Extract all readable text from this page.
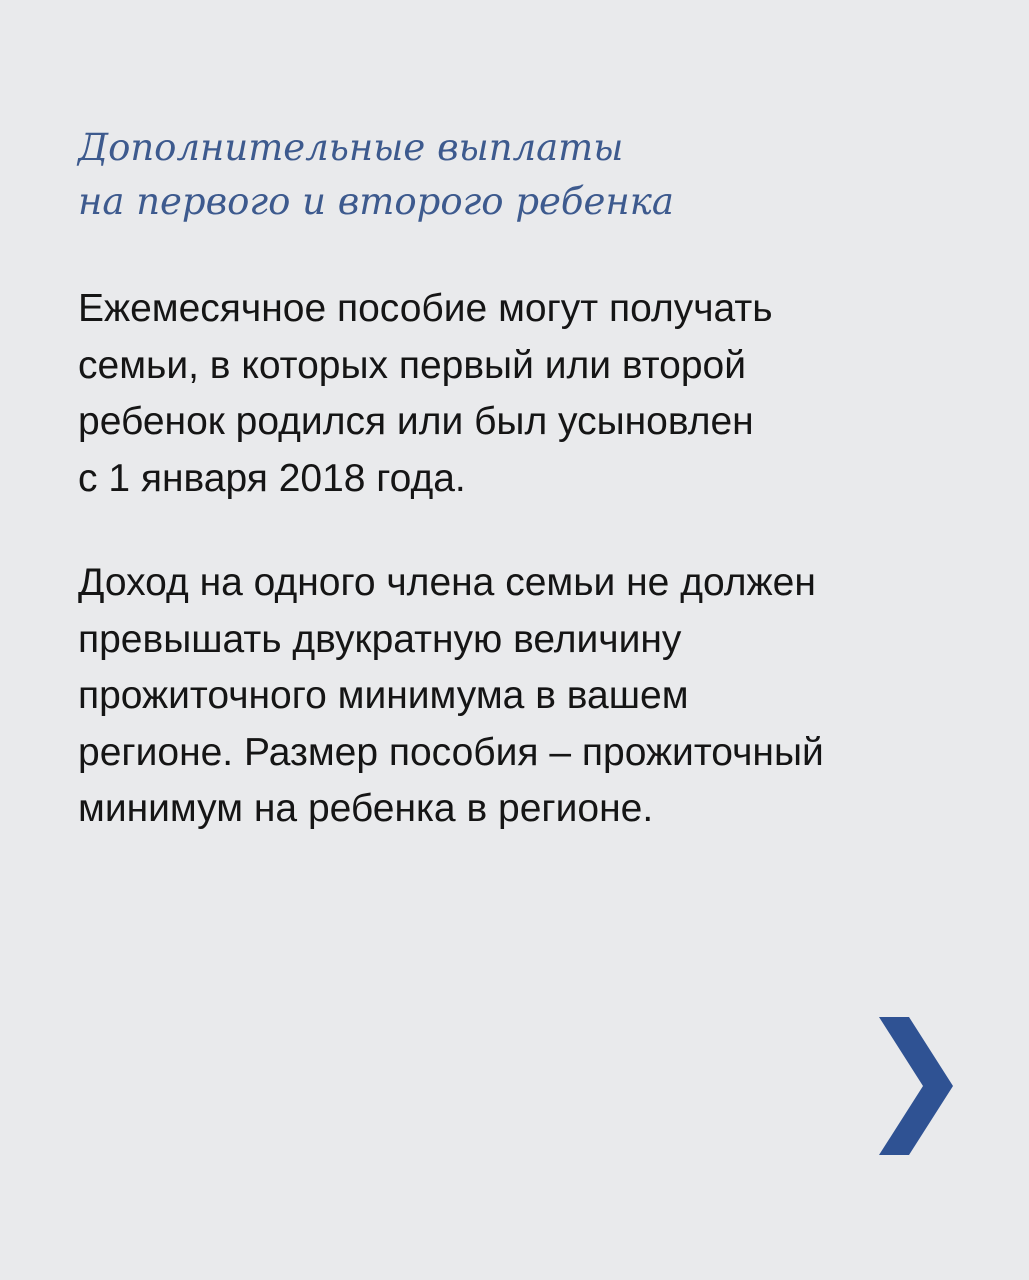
Дополнительные выплаты
на первого и второго ребенка

Ежемесячное пособие могут получать
семьи, в которых первый или второй
ребенок родился или был усыновлен
с 1 января 2018 года.

Доход на одного члена семьи не должен
превышать двукратную величину
прожиточного минимума в вашем
регионе. Размер пособия – прожиточный
минимум на ребенка в регионе.
